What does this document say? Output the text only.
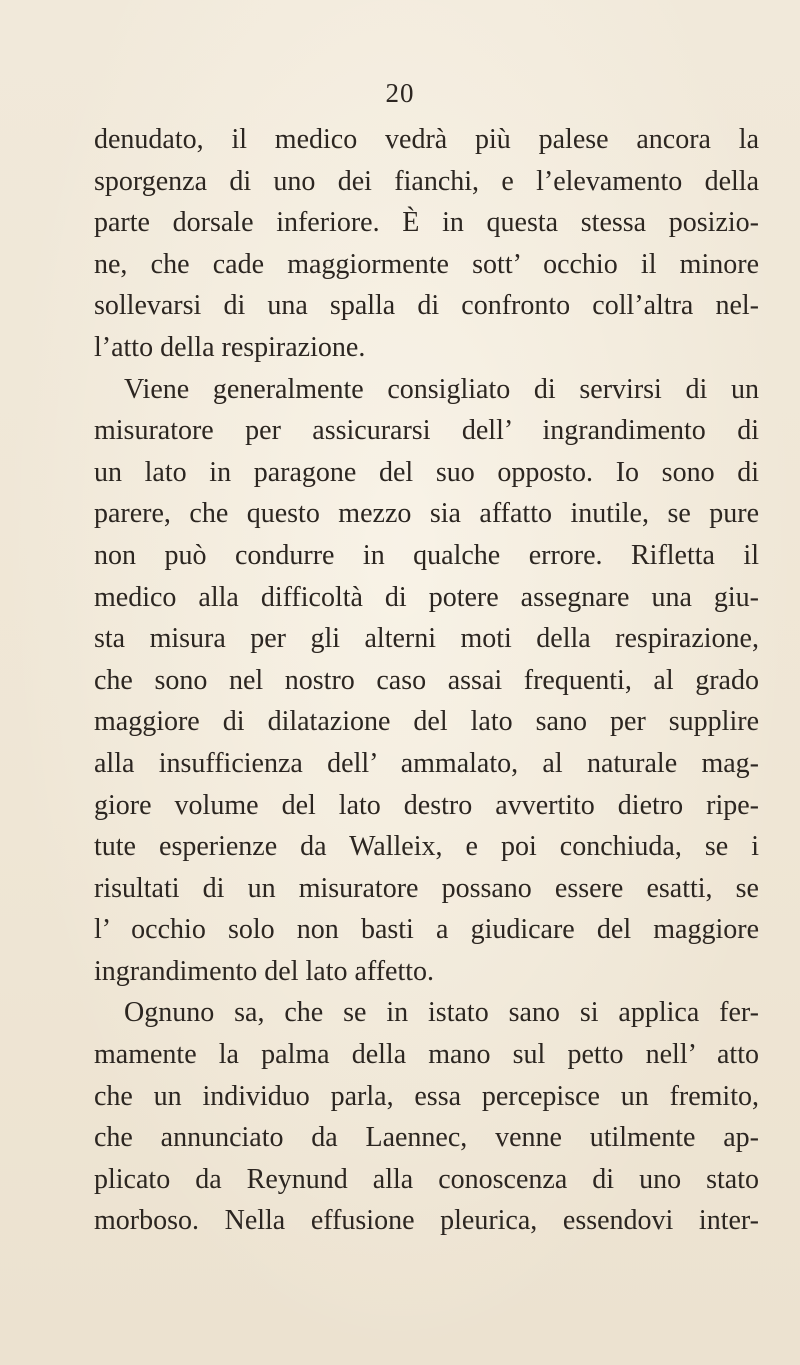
20
denudato, il medico vedrà più palese ancora la
sporgenza di uno dei fianchi, e l’elevamento della
parte dorsale inferiore. È in questa stessa posizio-
ne, che cade maggiormente sott’ occhio il minore
sollevarsi di una spalla di confronto coll’altra nel-
l’atto della respirazione.
Viene generalmente consigliato di servirsi di un
misuratore per assicurarsi dell’ ingrandimento di
un lato in paragone del suo opposto. Io sono di
parere, che questo mezzo sia affatto inutile, se pure
non può condurre in qualche errore. Rifletta il
medico alla difficoltà di potere assegnare una giu-
sta misura per gli alterni moti della respirazione,
che sono nel nostro caso assai frequenti, al grado
maggiore di dilatazione del lato sano per supplire
alla insufficienza dell’ ammalato, al naturale mag-
giore volume del lato destro avvertito dietro ripe-
tute esperienze da Walleix, e poi conchiuda, se i
risultati di un misuratore possano essere esatti, se
l’ occhio solo non basti a giudicare del maggiore
ingrandimento del lato affetto.
Ognuno sa, che se in istato sano si applica fer-
mamente la palma della mano sul petto nell’ atto
che un individuo parla, essa percepisce un fremito,
che annunciato da Laennec, venne utilmente ap-
plicato da Reynund alla conoscenza di uno stato
morboso. Nella effusione pleurica, essendovi inter-
